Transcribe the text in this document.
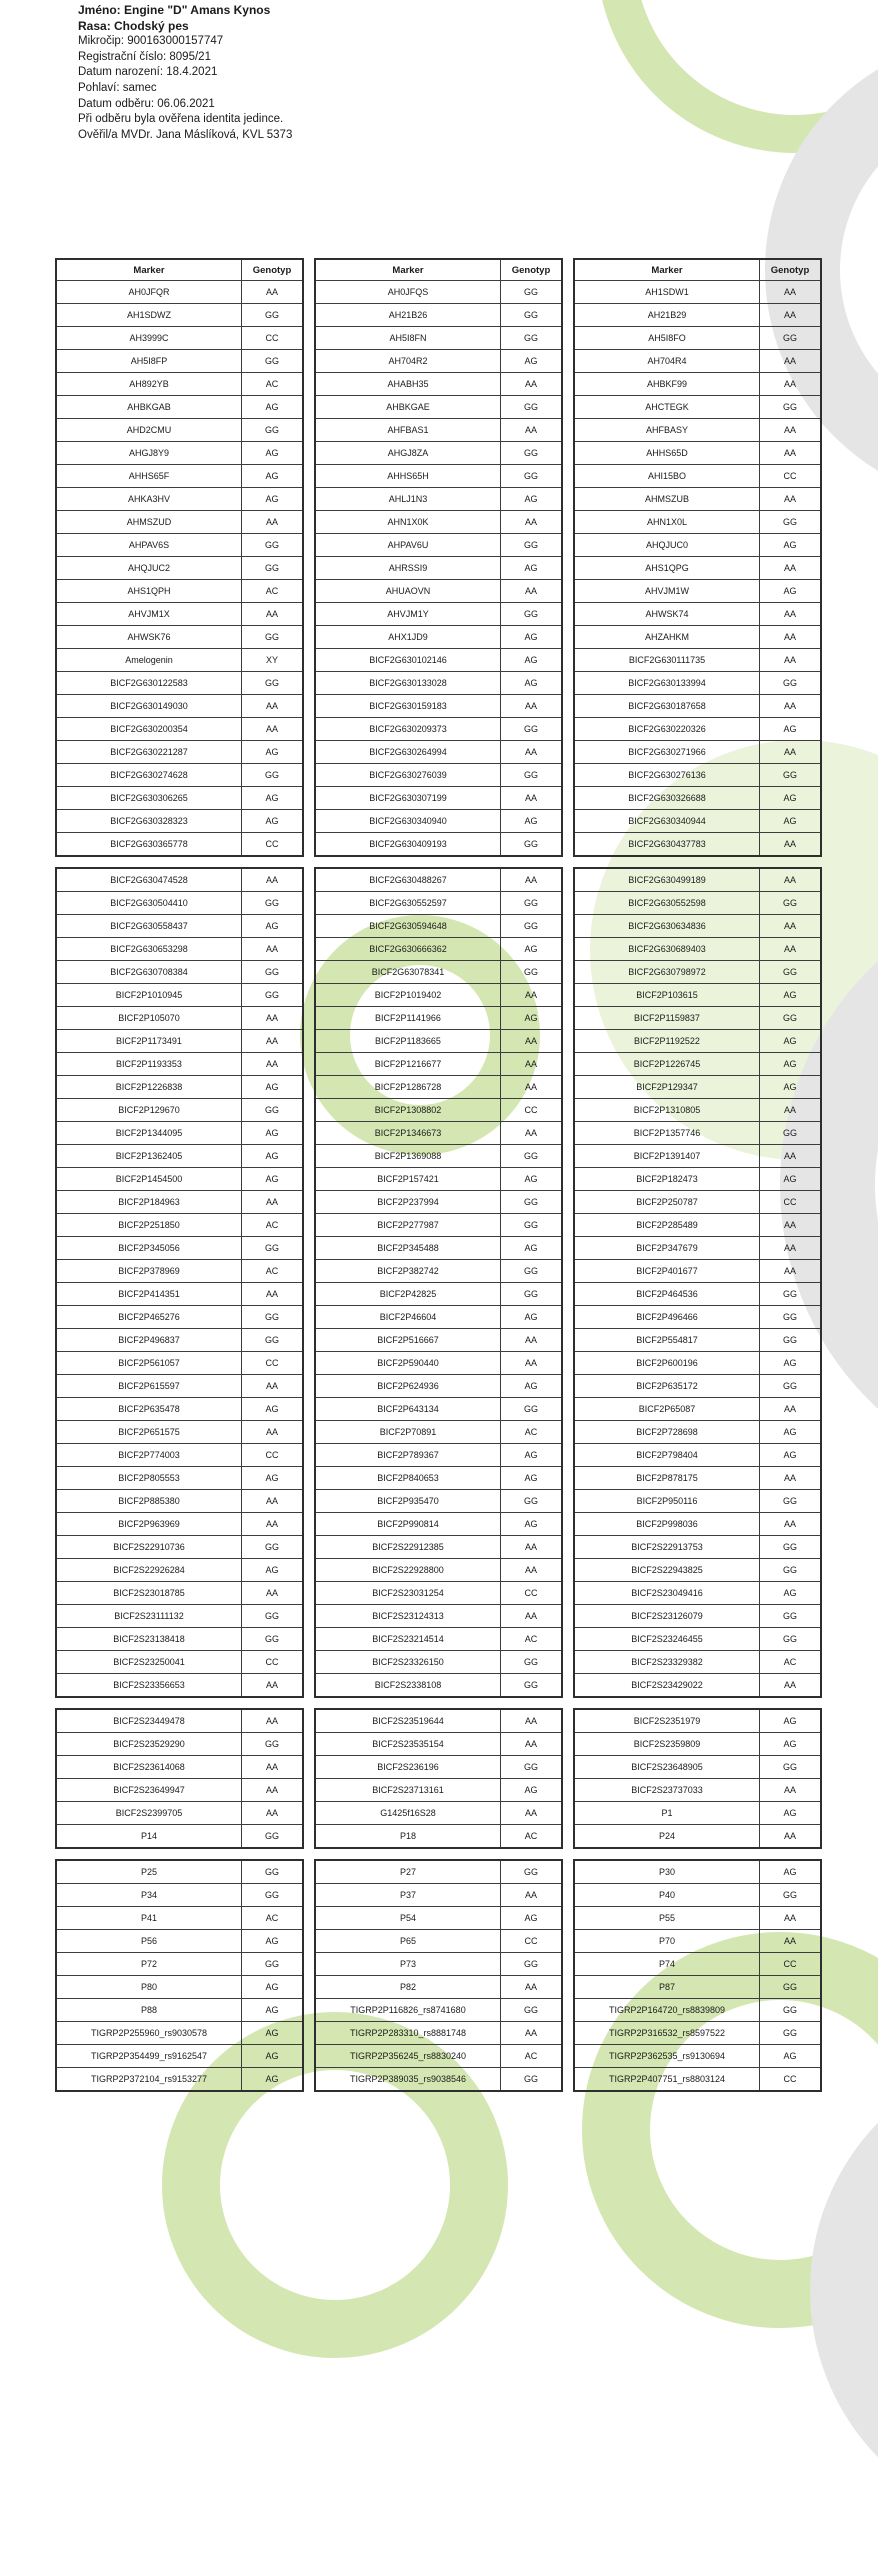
Jméno: Engine "D" Amans Kynos
Rasa: Chodský pes
Mikročip: 900163000157747
Registrační číslo: 8095/21
Datum narození: 18.4.2021
Pohlaví: samec
Datum odběru: 06.06.2021
Při odběru byla ověřena identita jedince.
Ověřil/a MVDr. Jana Máslíková, KVL 5373
Marker	Genotyp
AH0JFQR	AA
AH1SDWZ	GG
AH3999C	CC
AH5I8FP	GG
AH892YB	AC
AHBKGAB	AG
AHD2CMU	GG
AHGJ8Y9	AG
AHHS65F	AG
AHKA3HV	AG
AHMSZUD	AA
AHPAV6S	GG
AHQJUC2	GG
AHS1QPH	AC
AHVJM1X	AA
AHWSK76	GG
Amelogenin	XY
BICF2G630122583	GG
BICF2G630149030	AA
BICF2G630200354	AA
BICF2G630221287	AG
BICF2G630274628	GG
BICF2G630306265	AG
BICF2G630328323	AG
BICF2G630365778	CC
Marker	Genotyp
AH0JFQS	GG
AH21B26	GG
AH5I8FN	GG
AH704R2	AG
AHABH35	AA
AHBKGAE	GG
AHFBAS1	AA
AHGJ8ZA	GG
AHHS65H	GG
AHLJ1N3	AG
AHN1X0K	AA
AHPAV6U	GG
AHRSSI9	AG
AHUAOVN	AA
AHVJM1Y	GG
AHX1JD9	AG
BICF2G630102146	AG
BICF2G630133028	AG
BICF2G630159183	AA
BICF2G630209373	GG
BICF2G630264994	AA
BICF2G630276039	GG
BICF2G630307199	AA
BICF2G630340940	AG
BICF2G630409193	GG
Marker	Genotyp
AH1SDW1	AA
AH21B29	AA
AH5I8FO	GG
AH704R4	AA
AHBKF99	AA
AHCTEGK	GG
AHFBASY	AA
AHHS65D	AA
AHI15BO	CC
AHMSZUB	AA
AHN1X0L	GG
AHQJUC0	AG
AHS1QPG	AA
AHVJM1W	AG
AHWSK74	AA
AHZAHKM	AA
BICF2G630111735	AA
BICF2G630133994	GG
BICF2G630187658	AA
BICF2G630220326	AG
BICF2G630271966	AA
BICF2G630276136	GG
BICF2G630326688	AG
BICF2G630340944	AG
BICF2G630437783	AA
BICF2G630474528	AA
BICF2G630504410	GG
BICF2G630558437	AG
BICF2G630653298	AA
BICF2G630708384	GG
BICF2P1010945	GG
BICF2P105070	AA
BICF2P1173491	AA
BICF2P1193353	AA
BICF2P1226838	AG
BICF2P129670	GG
BICF2P1344095	AG
BICF2P1362405	AG
BICF2P1454500	AG
BICF2P184963	AA
BICF2P251850	AC
BICF2P345056	GG
BICF2P378969	AC
BICF2P414351	AA
BICF2P465276	GG
BICF2P496837	GG
BICF2P561057	CC
BICF2P615597	AA
BICF2P635478	AG
BICF2P651575	AA
BICF2P774003	CC
BICF2P805553	AG
BICF2P885380	AA
BICF2P963969	AA
BICF2S22910736	GG
BICF2S22926284	AG
BICF2S23018785	AA
BICF2S23111132	GG
BICF2S23138418	GG
BICF2S23250041	CC
BICF2S23356653	AA
BICF2G630488267	AA
BICF2G630552597	GG
BICF2G630594648	GG
BICF2G630666362	AG
BICF2G63078341	GG
BICF2P1019402	AA
BICF2P1141966	AG
BICF2P1183665	AA
BICF2P1216677	AA
BICF2P1286728	AA
BICF2P1308802	CC
BICF2P1346673	AA
BICF2P1369088	GG
BICF2P157421	AG
BICF2P237994	GG
BICF2P277987	GG
BICF2P345488	AG
BICF2P382742	GG
BICF2P42825	GG
BICF2P46604	AG
BICF2P516667	AA
BICF2P590440	AA
BICF2P624936	AG
BICF2P643134	GG
BICF2P70891	AC
BICF2P789367	AG
BICF2P840653	AG
BICF2P935470	GG
BICF2P990814	AG
BICF2S22912385	AA
BICF2S22928800	AA
BICF2S23031254	CC
BICF2S23124313	AA
BICF2S23214514	AC
BICF2S23326150	GG
BICF2S2338108	GG
BICF2G630499189	AA
BICF2G630552598	GG
BICF2G630634836	AA
BICF2G630689403	AA
BICF2G630798972	GG
BICF2P103615	AG
BICF2P1159837	GG
BICF2P1192522	AG
BICF2P1226745	AG
BICF2P129347	AG
BICF2P1310805	AA
BICF2P1357746	GG
BICF2P1391407	AA
BICF2P182473	AG
BICF2P250787	CC
BICF2P285489	AA
BICF2P347679	AA
BICF2P401677	AA
BICF2P464536	GG
BICF2P496466	GG
BICF2P554817	GG
BICF2P600196	AG
BICF2P635172	GG
BICF2P65087	AA
BICF2P728698	AG
BICF2P798404	AG
BICF2P878175	AA
BICF2P950116	GG
BICF2P998036	AA
BICF2S22913753	GG
BICF2S22943825	GG
BICF2S23049416	AG
BICF2S23126079	GG
BICF2S23246455	GG
BICF2S23329382	AC
BICF2S23429022	AA
BICF2S23449478	AA
BICF2S23529290	GG
BICF2S23614068	AA
BICF2S23649947	AA
BICF2S2399705	AA
P14	GG
BICF2S23519644	AA
BICF2S23535154	AA
BICF2S236196	GG
BICF2S23713161	AG
G1425f16S28	AA
P18	AC
BICF2S2351979	AG
BICF2S2359809	AG
BICF2S23648905	GG
BICF2S23737033	AA
P1	AG
P24	AA
P25	GG
P34	GG
P41	AC
P56	AG
P72	GG
P80	AG
P88	AG
TIGRP2P255960_rs9030578	AG
TIGRP2P354499_rs9162547	AG
TIGRP2P372104_rs9153277	AG
P27	GG
P37	AA
P54	AG
P65	CC
P73	GG
P82	AA
TIGRP2P116826_rs8741680	GG
TIGRP2P283310_rs8881748	AA
TIGRP2P356245_rs8830240	AC
TIGRP2P389035_rs9038546	GG
P30	AG
P40	GG
P55	AA
P70	AA
P74	CC
P87	GG
TIGRP2P164720_rs8839809	GG
TIGRP2P316532_rs8597522	GG
TIGRP2P362535_rs9130694	AG
TIGRP2P407751_rs8803124	CC
